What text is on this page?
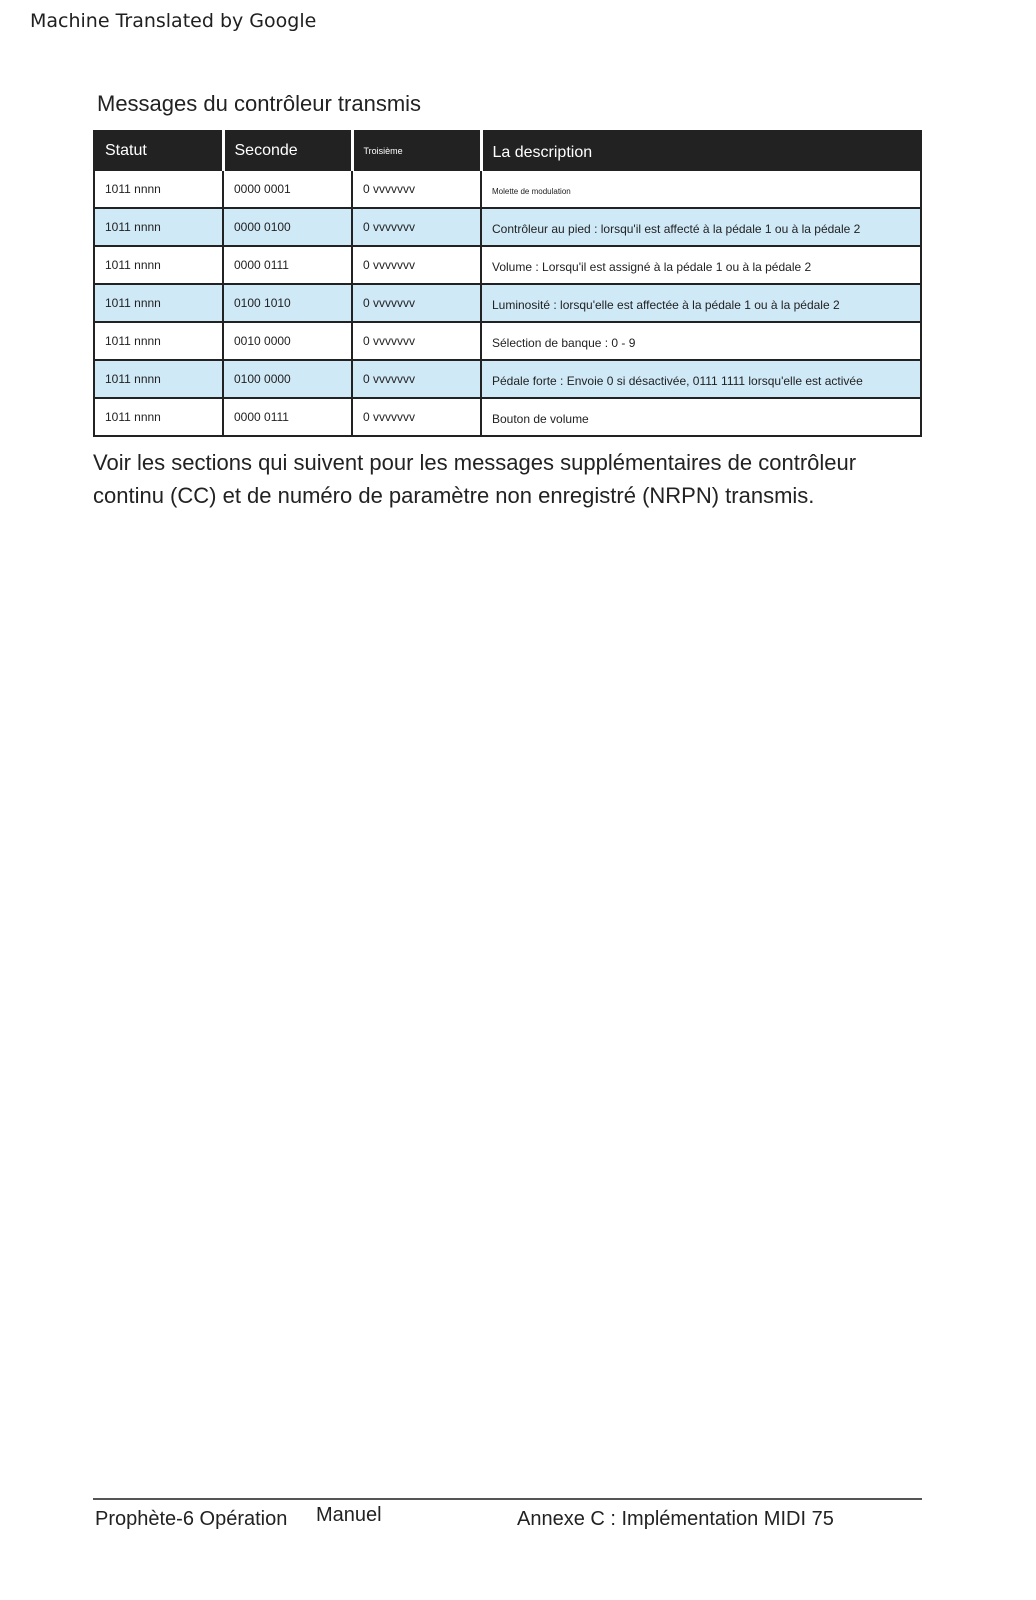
Machine Translated by Google
Messages du contrôleur transmis
Statut	Seconde	Troisième	La description
1011 nnnn	0000 0001	0 vvvvvvv	Molette de modulation
1011 nnnn	0000 0100	0 vvvvvvv	Contrôleur au pied : lorsqu'il est affecté à la pédale 1 ou à la pédale 2
1011 nnnn	0000 0111	0 vvvvvvv	Volume : Lorsqu'il est assigné à la pédale 1 ou à la pédale 2
1011 nnnn	0100 1010	0 vvvvvvv	Luminosité : lorsqu'elle est affectée à la pédale 1 ou à la pédale 2
1011 nnnn	0010 0000	0 vvvvvvv	Sélection de banque : 0 - 9
1011 nnnn	0100 0000	0 vvvvvvv	Pédale forte : Envoie 0 si désactivée, 0111 1111 lorsqu'elle est activée
1011 nnnn	0000 0111	0 vvvvvvv	Bouton de volume
Voir les sections qui suivent pour les messages supplémentaires de contrôleur continu (CC) et de numéro de paramètre non enregistré (NRPN) transmis.
Prophète-6 Opération Manuel	Annexe C : Implémentation MIDI 75
